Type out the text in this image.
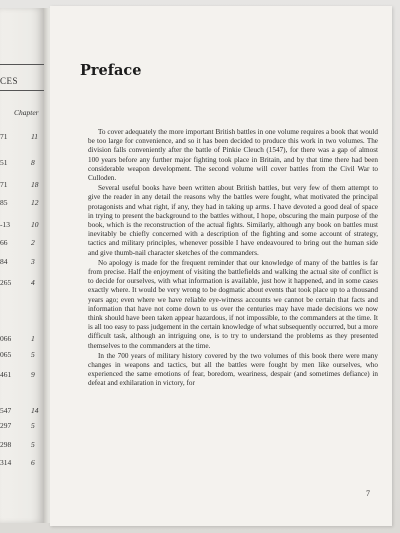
CES
Chapter
71	11
51	8
71	18
85	12
-13	10
66	2
84	3
265	4
066	1
065	5
461	9
547	14
297	5
298	5
314	6
Preface

To cover adequately the more important British battles in one volume requires a book that would be too large for convenience, and so it has been decided to produce this work in two volumes. The division falls conveniently after the battle of Pinkie Cleuch (1547), for there was a gap of almost 100 years before any further major fighting took place in Britain, and by that time there had been considerable weapon development. The second volume will cover battles from the Civil War to Culloden.

Several useful books have been written about British battles, but very few of them attempt to give the reader in any detail the reasons why the battles were fought, what motivated the principal protagonists and what right, if any, they had in taking up arms. I have devoted a good deal of space in trying to present the background to the battles without, I hope, obscuring the main purpose of the book, which is the reconstruction of the actual fights. Similarly, although any book on battles must inevitably be chiefly concerned with a description of the fighting and some account of strategy, tactics and military principles, whenever possible I have endeavoured to bring out the human side and give thumb-nail character sketches of the commanders.

No apology is made for the frequent reminder that our knowledge of many of the battles is far from precise. Half the enjoyment of visiting the battlefields and walking the actual site of conflict is to decide for ourselves, with what information is available, just how it happened, and in some cases exactly where. It would be very wrong to be dogmatic about events that took place up to a thousand years ago; even where we have reliable eye-witness accounts we cannot be certain that facts and information that have not come down to us over the centuries may have made decisions we now think should have been taken appear hazardous, if not impossible, to the commanders at the time. It is all too easy to pass judgement in the certain knowledge of what subsequently occurred, but a more difficult task, although an intriguing one, is to try to understand the problems as they presented themselves to the commanders at the time.

In the 700 years of military history covered by the two volumes of this book there were many changes in weapons and tactics, but all the battles were fought by men like ourselves, who experienced the same emotions of fear, boredom, weariness, despair (and sometimes defiance) in defeat and exhilaration in victory, for

7
